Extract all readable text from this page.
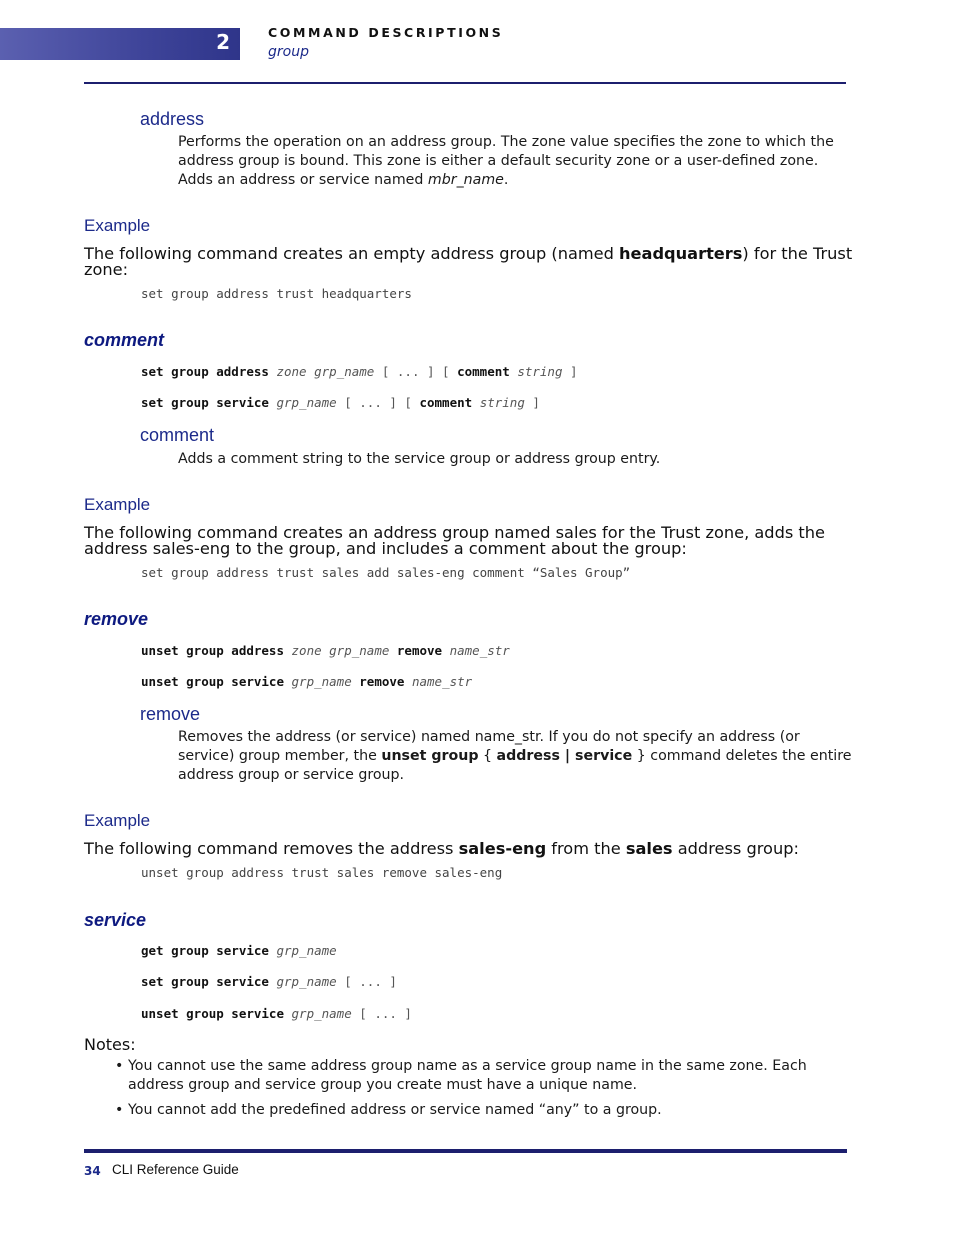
2	COMMAND DESCRIPTIONS
group
address
Performs the operation on an address group. The zone value specifies the zone to which the
address group is bound. This zone is either a default security zone or a user-defined zone.
Adds an address or service named mbr_name.
Example
The following command creates an empty address group (named headquarters) for the Trust
zone:
set group address trust headquarters
comment
set group address zone grp_name [ ... ] [ comment string ]
set group service grp_name [ ... ] [ comment string ]
comment
Adds a comment string to the service group or address group entry.
Example
The following command creates an address group named sales for the Trust zone, adds the
address sales-eng to the group, and includes a comment about the group:
set group address trust sales add sales-eng comment “Sales Group”
remove
unset group address zone grp_name remove name_str
unset group service grp_name remove name_str
remove
Removes the address (or service) named name_str. If you do not specify an address (or
service) group member, the unset group { address | service } command deletes the entire
address group or service group.
Example
The following command removes the address sales-eng from the sales address group:
unset group address trust sales remove sales-eng
service
get group service grp_name
set group service grp_name [ ... ]
unset group service grp_name [ ... ]
Notes:
• You cannot use the same address group name as a service group name in the same zone. Each
address group and service group you create must have a unique name.
• You cannot add the predefined address or service named “any” to a group.
34 CLI Reference Guide
